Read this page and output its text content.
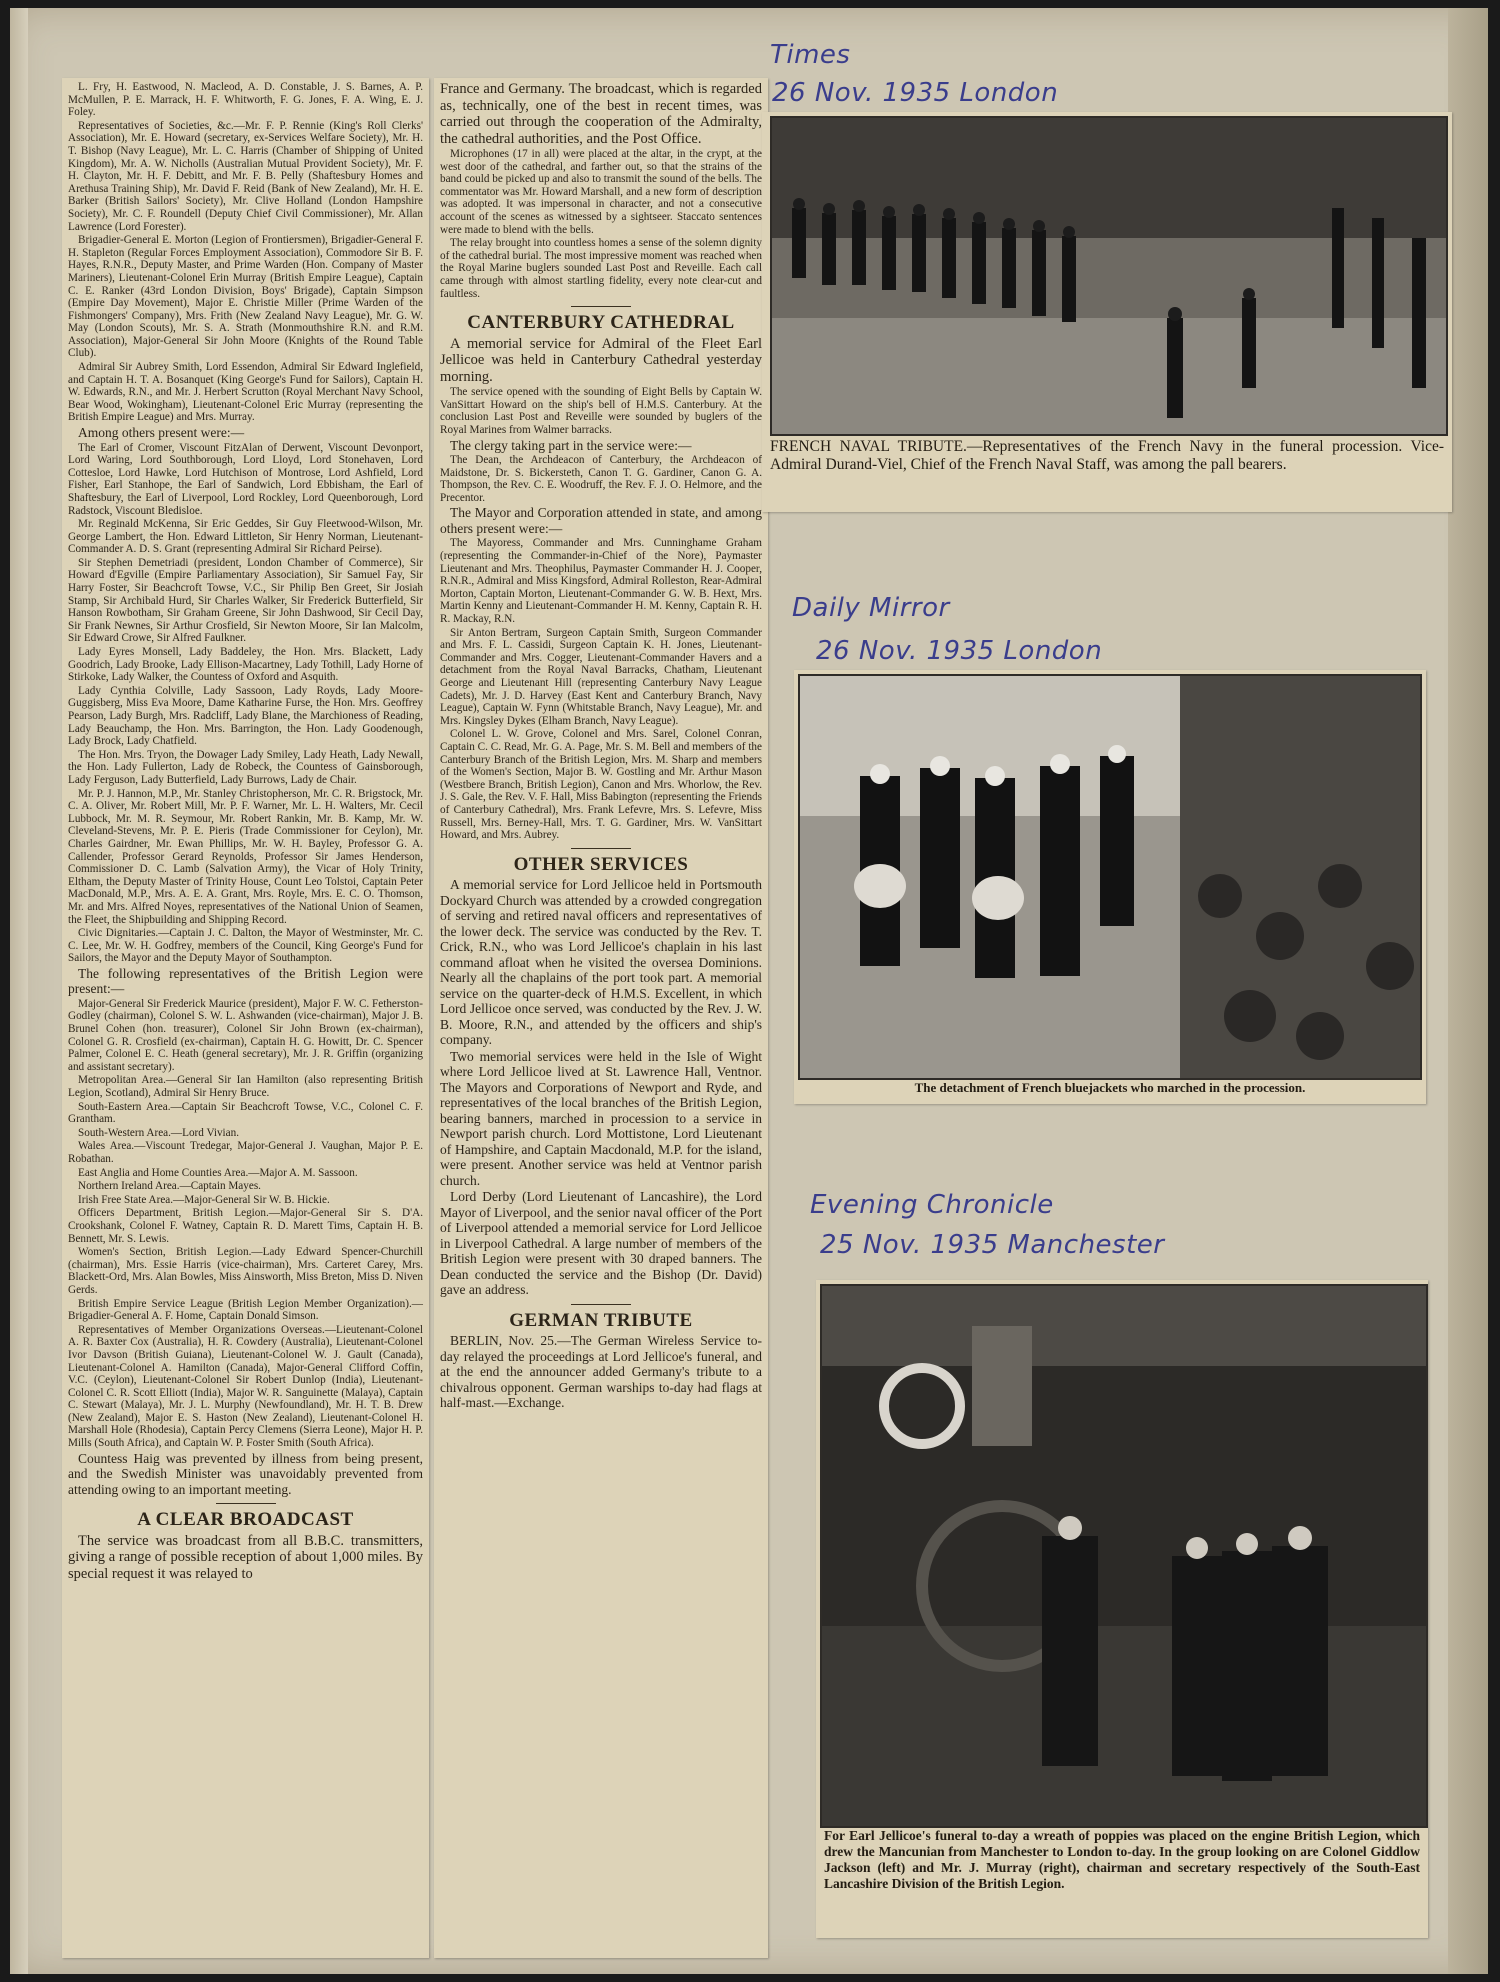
L. Fry, H. Eastwood, N. Macleod, A. D. Constable, J. S. Barnes, A. P. McMullen, P. E. Marrack, H. F. Whitworth, F. G. Jones, F. A. Wing, E. J. Foley.

Representatives of Societies, &c.—Mr. F. P. Rennie (King's Roll Clerks' Association), Mr. E. Howard (secretary, ex-Services Welfare Society), Mr. H. T. Bishop (Navy League), Mr. L. C. Harris (Chamber of Shipping of United Kingdom), Mr. A. W. Nicholls (Australian Mutual Provident Society), Mr. F. H. Clayton, Mr. H. F. Debitt, and Mr. F. B. Pelly (Shaftesbury Homes and Arethusa Training Ship), Mr. David F. Reid (Bank of New Zealand), Mr. H. E. Barker (British Sailors' Society), Mr. Clive Holland (London Hampshire Society), Mr. C. F. Roundell (Deputy Chief Civil Commissioner), Mr. Allan Lawrence (Lord Forester).

Brigadier-General E. Morton (Legion of Frontiersmen), Brigadier-General F. H. Stapleton (Regular Forces Employment Association), Commodore Sir B. F. Hayes, R.N.R., Deputy Master, and Prime Warden (Hon. Company of Master Mariners), Lieutenant-Colonel Erin Murray (British Empire League), Captain C. E. Ranker (43rd London Division, Boys' Brigade), Captain Simpson (Empire Day Movement), Major E. Christie Miller (Prime Warden of the Fishmongers' Company), Mrs. Frith (New Zealand Navy League), Mr. G. W. May (London Scouts), Mr. S. A. Strath (Monmouthshire R.N. and R.M. Association), Major-General Sir John Moore (Knights of the Round Table Club).

Admiral Sir Aubrey Smith, Lord Essendon, Admiral Sir Edward Inglefield, and Captain H. T. A. Bosanquet (King George's Fund for Sailors), Captain H. W. Edwards, R.N., and Mr. J. Herbert Scrutton (Royal Merchant Navy School, Bear Wood, Wokingham), Lieutenant-Colonel Eric Murray (representing the British Empire League) and Mrs. Murray.

Among others present were:—

The Earl of Cromer, Viscount FitzAlan of Derwent, Viscount Devonport, Lord Waring, Lord Southborough, Lord Lloyd, Lord Stonehaven, Lord Cottesloe, Lord Hawke, Lord Hutchison of Montrose, Lord Ashfield, Lord Fisher, Earl Stanhope, the Earl of Sandwich, Lord Ebbisham, the Earl of Shaftesbury, the Earl of Liverpool, Lord Rockley, Lord Queenborough, Lord Radstock, Viscount Bledisloe.

Mr. Reginald McKenna, Sir Eric Geddes, Sir Guy Fleetwood-Wilson, Mr. George Lambert, the Hon. Edward Littleton, Sir Henry Norman, Lieutenant-Commander A. D. S. Grant (representing Admiral Sir Richard Peirse).

Sir Stephen Demetriadi (president, London Chamber of Commerce), Sir Howard d'Egville (Empire Parliamentary Association), Sir Samuel Fay, Sir Harry Foster, Sir Beachcroft Towse, V.C., Sir Philip Ben Greet, Sir Josiah Stamp, Sir Archibald Hurd, Sir Charles Walker, Sir Frederick Butterfield, Sir Hanson Rowbotham, Sir Graham Greene, Sir John Dashwood, Sir Cecil Day, Sir Frank Newnes, Sir Arthur Crosfield, Sir Newton Moore, Sir Ian Malcolm, Sir Edward Crowe, Sir Alfred Faulkner.

Lady Eyres Monsell, Lady Baddeley, the Hon. Mrs. Blackett, Lady Goodrich, Lady Brooke, Lady Ellison-Macartney, Lady Tothill, Lady Horne of Stirkoke, Lady Walker, the Countess of Oxford and Asquith.

Lady Cynthia Colville, Lady Sassoon, Lady Royds, Lady Moore-Guggisberg, Miss Eva Moore, Dame Katharine Furse, the Hon. Mrs. Geoffrey Pearson, Lady Burgh, Mrs. Radcliff, Lady Blane, the Marchioness of Reading, Lady Beauchamp, the Hon. Mrs. Barrington, the Hon. Lady Goodenough, Lady Brock, Lady Chatfield.

The Hon. Mrs. Tryon, the Dowager Lady Smiley, Lady Heath, Lady Newall, the Hon. Lady Fullerton, Lady de Robeck, the Countess of Gainsborough, Lady Ferguson, Lady Butterfield, Lady Burrows, Lady de Chair.

Mr. P. J. Hannon, M.P., Mr. Stanley Christopherson, Mr. C. R. Brigstock, Mr. C. A. Oliver, Mr. Robert Mill, Mr. P. F. Warner, Mr. L. H. Walters, Mr. Cecil Lubbock, Mr. M. R. Seymour, Mr. Robert Rankin, Mr. B. Kamp, Mr. W. Cleveland-Stevens, Mr. P. E. Pieris (Trade Commissioner for Ceylon), Mr. Charles Gairdner, Mr. Ewan Phillips, Mr. W. H. Bayley, Professor G. A. Callender, Professor Gerard Reynolds, Professor Sir James Henderson, Commissioner D. C. Lamb (Salvation Army), the Vicar of Holy Trinity, Eltham, the Deputy Master of Trinity House, Count Leo Tolstoi, Captain Peter MacDonald, M.P., Mrs. A. E. A. Grant, Mrs. Royle, Mrs. E. C. O. Thomson, Mr. and Mrs. Alfred Noyes, representatives of the National Union of Seamen, the Fleet, the Shipbuilding and Shipping Record.

Civic Dignitaries.—Captain J. C. Dalton, the Mayor of Westminster, Mr. C. C. Lee, Mr. W. H. Godfrey, members of the Council, King George's Fund for Sailors, the Mayor and the Deputy Mayor of Southampton.

The following representatives of the British Legion were present:—

Major-General Sir Frederick Maurice (president), Major F. W. C. Fetherston-Godley (chairman), Colonel S. W. L. Ashwanden (vice-chairman), Major J. B. Brunel Cohen (hon. treasurer), Colonel Sir John Brown (ex-chairman), Colonel G. R. Crosfield (ex-chairman), Captain H. G. Howitt, Dr. C. Spencer Palmer, Colonel E. C. Heath (general secretary), Mr. J. R. Griffin (organizing and assistant secretary).

Metropolitan Area.—General Sir Ian Hamilton (also representing British Legion, Scotland), Admiral Sir Henry Bruce.

South-Eastern Area.—Captain Sir Beachcroft Towse, V.C., Colonel C. F. Grantham.

South-Western Area.—Lord Vivian.

Wales Area.—Viscount Tredegar, Major-General J. Vaughan, Major P. E. Robathan.

East Anglia and Home Counties Area.—Major A. M. Sassoon.

Northern Ireland Area.—Captain Mayes.

Irish Free State Area.—Major-General Sir W. B. Hickie.

Officers Department, British Legion.—Major-General Sir S. D'A. Crookshank, Colonel F. Watney, Captain R. D. Marett Tims, Captain H. B. Bennett, Mr. S. Lewis.

Women's Section, British Legion.—Lady Edward Spencer-Churchill (chairman), Mrs. Essie Harris (vice-chairman), Mrs. Carteret Carey, Mrs. Blackett-Ord, Mrs. Alan Bowles, Miss Ainsworth, Miss Breton, Miss D. Niven Gerds.

British Empire Service League (British Legion Member Organization).—Brigadier-General A. F. Home, Captain Donald Simson.

Representatives of Member Organizations Overseas.—Lieutenant-Colonel A. R. Baxter Cox (Australia), H. R. Cowdery (Australia), Lieutenant-Colonel Ivor Davson (British Guiana), Lieutenant-Colonel W. J. Gault (Canada), Lieutenant-Colonel A. Hamilton (Canada), Major-General Clifford Coffin, V.C. (Ceylon), Lieutenant-Colonel Sir Robert Dunlop (India), Lieutenant-Colonel C. R. Scott Elliott (India), Major W. R. Sanguinette (Malaya), Captain C. Stewart (Malaya), Mr. J. L. Murphy (Newfoundland), Mr. H. T. B. Drew (New Zealand), Major E. S. Haston (New Zealand), Lieutenant-Colonel H. Marshall Hole (Rhodesia), Captain Percy Clemens (Sierra Leone), Major H. P. Mills (South Africa), and Captain W. P. Foster Smith (South Africa).

Countess Haig was prevented by illness from being present, and the Swedish Minister was unavoidably prevented from attending owing to an important meeting.

A CLEAR BROADCAST

The service was broadcast from all B.B.C. transmitters, giving a range of possible reception of about 1,000 miles. By special request it was relayed to

France and Germany. The broadcast, which is regarded as, technically, one of the best in recent times, was carried out through the cooperation of the Admiralty, the cathedral authorities, and the Post Office.

Microphones (17 in all) were placed at the altar, in the crypt, at the west door of the cathedral, and farther out, so that the strains of the band could be picked up and also to transmit the sound of the bells. The commentator was Mr. Howard Marshall, and a new form of description was adopted. It was impersonal in character, and not a consecutive account of the scenes as witnessed by a sightseer. Staccato sentences were made to blend with the bells.

The relay brought into countless homes a sense of the solemn dignity of the cathedral burial. The most impressive moment was reached when the Royal Marine buglers sounded Last Post and Reveille. Each call came through with almost startling fidelity, every note clear-cut and faultless.

CANTERBURY CATHEDRAL

A memorial service for Admiral of the Fleet Earl Jellicoe was held in Canterbury Cathedral yesterday morning.

The service opened with the sounding of Eight Bells by Captain W. VanSittart Howard on the ship's bell of H.M.S. Canterbury. At the conclusion Last Post and Reveille were sounded by buglers of the Royal Marines from Walmer barracks.

The clergy taking part in the service were:—

The Dean, the Archdeacon of Canterbury, the Archdeacon of Maidstone, Dr. S. Bickersteth, Canon T. G. Gardiner, Canon G. A. Thompson, the Rev. C. E. Woodruff, the Rev. F. J. O. Helmore, and the Precentor.

The Mayor and Corporation attended in state, and among others present were:—

The Mayoress, Commander and Mrs. Cunninghame Graham (representing the Commander-in-Chief of the Nore), Paymaster Lieutenant and Mrs. Theophilus, Paymaster Commander H. J. Cooper, R.N.R., Admiral and Miss Kingsford, Admiral Rolleston, Rear-Admiral Morton, Captain Morton, Lieutenant-Commander G. W. B. Hext, Mrs. Martin Kenny and Lieutenant-Commander H. M. Kenny, Captain R. H. R. Mackay, R.N.

Sir Anton Bertram, Surgeon Captain Smith, Surgeon Commander and Mrs. F. L. Cassidi, Surgeon Captain K. H. Jones, Lieutenant-Commander and Mrs. Cogger, Lieutenant-Commander Havers and a detachment from the Royal Naval Barracks, Chatham, Lieutenant George and Lieutenant Hill (representing Canterbury Navy League Cadets), Mr. J. D. Harvey (East Kent and Canterbury Branch, Navy League), Captain W. Fynn (Whitstable Branch, Navy League), Mr. and Mrs. Kingsley Dykes (Elham Branch, Navy League).

Colonel L. W. Grove, Colonel and Mrs. Sarel, Colonel Conran, Captain C. C. Read, Mr. G. A. Page, Mr. S. M. Bell and members of the Canterbury Branch of the British Legion, Mrs. M. Sharp and members of the Women's Section, Major B. W. Gostling and Mr. Arthur Mason (Westbere Branch, British Legion), Canon and Mrs. Whorlow, the Rev. J. S. Gale, the Rev. V. F. Hall, Miss Babington (representing the Friends of Canterbury Cathedral), Mrs. Frank Lefevre, Mrs. S. Lefevre, Miss Russell, Mrs. Berney-Hall, Mrs. T. G. Gardiner, Mrs. W. VanSittart Howard, and Mrs. Aubrey.

OTHER SERVICES

A memorial service for Lord Jellicoe held in Portsmouth Dockyard Church was attended by a crowded congregation of serving and retired naval officers and representatives of the lower deck. The service was conducted by the Rev. T. Crick, R.N., who was Lord Jellicoe's chaplain in his last command afloat when he visited the oversea Dominions. Nearly all the chaplains of the port took part. A memorial service on the quarter-deck of H.M.S. Excellent, in which Lord Jellicoe once served, was conducted by the Rev. J. W. B. Moore, R.N., and attended by the officers and ship's company.

Two memorial services were held in the Isle of Wight where Lord Jellicoe lived at St. Lawrence Hall, Ventnor. The Mayors and Corporations of Newport and Ryde, and representatives of the local branches of the British Legion, bearing banners, marched in procession to a service in Newport parish church. Lord Mottistone, Lord Lieutenant of Hampshire, and Captain Macdonald, M.P. for the island, were present. Another service was held at Ventnor parish church.

Lord Derby (Lord Lieutenant of Lancashire), the Lord Mayor of Liverpool, and the senior naval officer of the Port of Liverpool attended a memorial service for Lord Jellicoe in Liverpool Cathedral. A large number of members of the British Legion were present with 30 draped banners. The Dean conducted the service and the Bishop (Dr. David) gave an address.

GERMAN TRIBUTE

BERLIN, Nov. 25.—The German Wireless Service to-day relayed the proceedings at Lord Jellicoe's funeral, and at the end the announcer added Germany's tribute to a chivalrous opponent. German warships to-day had flags at half-mast.—Exchange.

Times
26 Nov. 1935 London
Daily Mirror
26 Nov. 1935 London
Evening Chronicle
25 Nov. 1935 Manchester
FRENCH NAVAL TRIBUTE.—Representatives of the French Navy in the funeral procession. Vice-Admiral Durand-Viel, Chief of the French Naval Staff, was among the pall bearers.
The detachment of French bluejackets who marched in the procession.
For Earl Jellicoe's funeral to-day a wreath of poppies was placed on the engine British Legion, which drew the Mancunian from Manchester to London to-day. In the group looking on are Colonel Giddlow Jackson (left) and Mr. J. Murray (right), chairman and secretary respectively of the South-East Lancashire Division of the British Legion.
